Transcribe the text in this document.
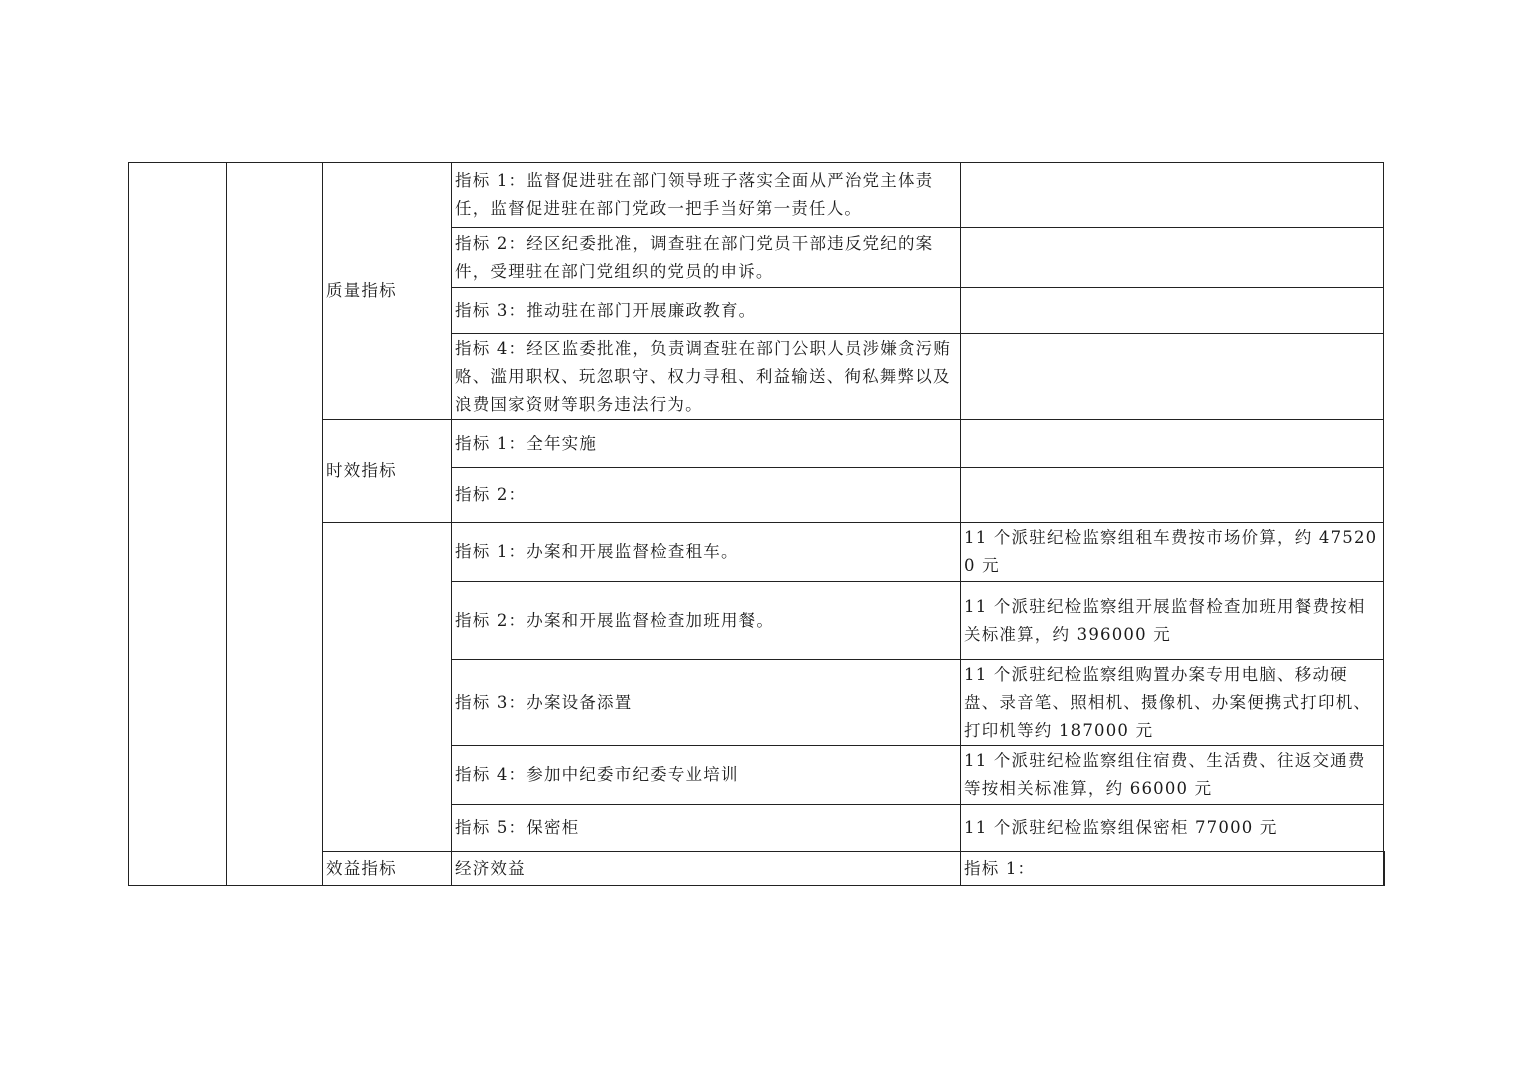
		质量指标	指标 1：监督促进驻在部门领导班子落实全面从严治党主体责任，监督促进驻在部门党政一把手当好第一责任人。		
			指标 2：经区纪委批准，调查驻在部门党员干部违反党纪的案件，受理驻在部门党组织的党员的申诉。		
			指标 3：推动驻在部门开展廉政教育。		
			指标 4：经区监委批准，负责调查驻在部门公职人员涉嫌贪污贿赂、滥用职权、玩忽职守、权力寻租、利益输送、徇私舞弊以及浪费国家资财等职务违法行为。		
		时效指标	指标 1：全年实施		
			指标 2：		
			指标 1：办案和开展监督检查租车。	11 个派驻纪检监察组租车费按市场价算，约 475200 元	
			指标 2：办案和开展监督检查加班用餐。	11 个派驻纪检监察组开展监督检查加班用餐费按相关标准算，约 396000 元	
			指标 3：办案设备添置	11 个派驻纪检监察组购置办案专用电脑、移动硬盘、录音笔、照相机、摄像机、办案便携式打印机、打印机等约 187000 元	
			指标 4：参加中纪委市纪委专业培训	11 个派驻纪检监察组住宿费、生活费、往返交通费等按相关标准算，约 66000 元	
			指标 5：保密柜	11 个派驻纪检监察组保密柜 77000 元	
		效益指标	经济效益	指标 1：	
